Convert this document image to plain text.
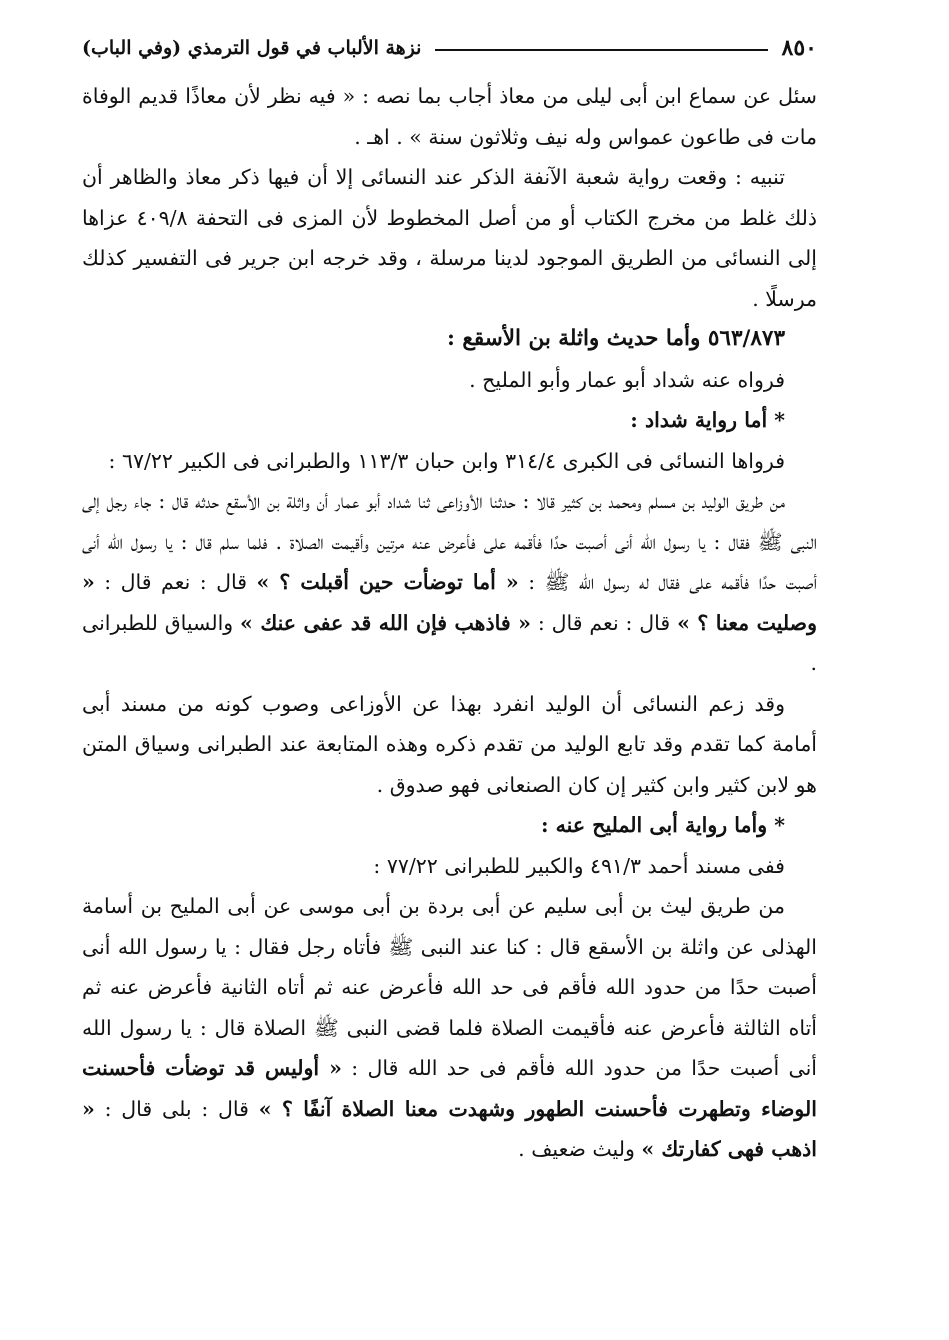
٨٥٠
نزهة الألباب في قول الترمذي (وفي الباب)

سئل عن سماع ابن أبى ليلى من معاذ أجاب بما نصه : « فيه نظر لأن معاذًا قديم الوفاة مات فى طاعون عمواس وله نيف وثلاثون سنة » . اهـ .

تنبيه : وقعت رواية شعبة الآنفة الذكر عند النسائى إلا أن فيها ذكر معاذ والظاهر أن ذلك غلط من مخرج الكتاب أو من أصل المخطوط لأن المزى فى التحفة ٤٠٩/٨ عزاها إلى النسائى من الطريق الموجود لدينا مرسلة ، وقد خرجه ابن جرير فى التفسير كذلك مرسلًا .

٥٦٣/٨٧٣ وأما حديث واثلة بن الأسقع :

فرواه عنه شداد أبو عمار وأبو المليح .

* أما رواية شداد :

فرواها النسائى فى الكبرى ٣١٤/٤ وابن حبان ١١٣/٣ والطبرانى فى الكبير ٦٧/٢٢ :

من طريق الوليد بن مسلم ومحمد بن كثير قالا : حدثنا الأوزاعى ثنا شداد أبو عمار أن واثلة بن الأسقع حدثه قال : جاء رجل إلى النبى ﷺ فقال : يا رسول الله أنى أصبت حدًا فأقمه على فأعرض عنه مرتين وأقيمت الصلاة . فلما سلم قال : يا رسول الله أنى أصبت حدًا فأقمه على فقال له رسول الله ﷺ : « أما توضأت حين أقبلت ؟ » قال : نعم قال : « وصليت معنا ؟ » قال : نعم قال : « فاذهب فإن الله قد عفى عنك » والسياق للطبرانى .

وقد زعم النسائى أن الوليد انفرد بهذا عن الأوزاعى وصوب كونه من مسند أبى أمامة كما تقدم وقد تابع الوليد من تقدم ذكره وهذه المتابعة عند الطبرانى وسياق المتن هو لابن كثير وابن كثير إن كان الصنعانى فهو صدوق .

* وأما رواية أبى المليح عنه :

ففى مسند أحمد ٤٩١/٣ والكبير للطبرانى ٧٧/٢٢ :

من طريق ليث بن أبى سليم عن أبى بردة بن أبى موسى عن أبى المليح بن أسامة الهذلى عن واثلة بن الأسقع قال : كنا عند النبى ﷺ فأتاه رجل فقال : يا رسول الله أنى أصبت حدًا من حدود الله فأقم فى حد الله فأعرض عنه ثم أتاه الثانية فأعرض عنه ثم أتاه الثالثة فأعرض عنه فأقيمت الصلاة فلما قضى النبى ﷺ الصلاة قال : يا رسول الله أنى أصبت حدًا من حدود الله فأقم فى حد الله قال : « أوليس قد توضأت فأحسنت الوضاء وتطهرت فأحسنت الطهور وشهدت معنا الصلاة آنفًا ؟ » قال : بلى قال : « اذهب فهى كفارتك » وليث ضعيف .
